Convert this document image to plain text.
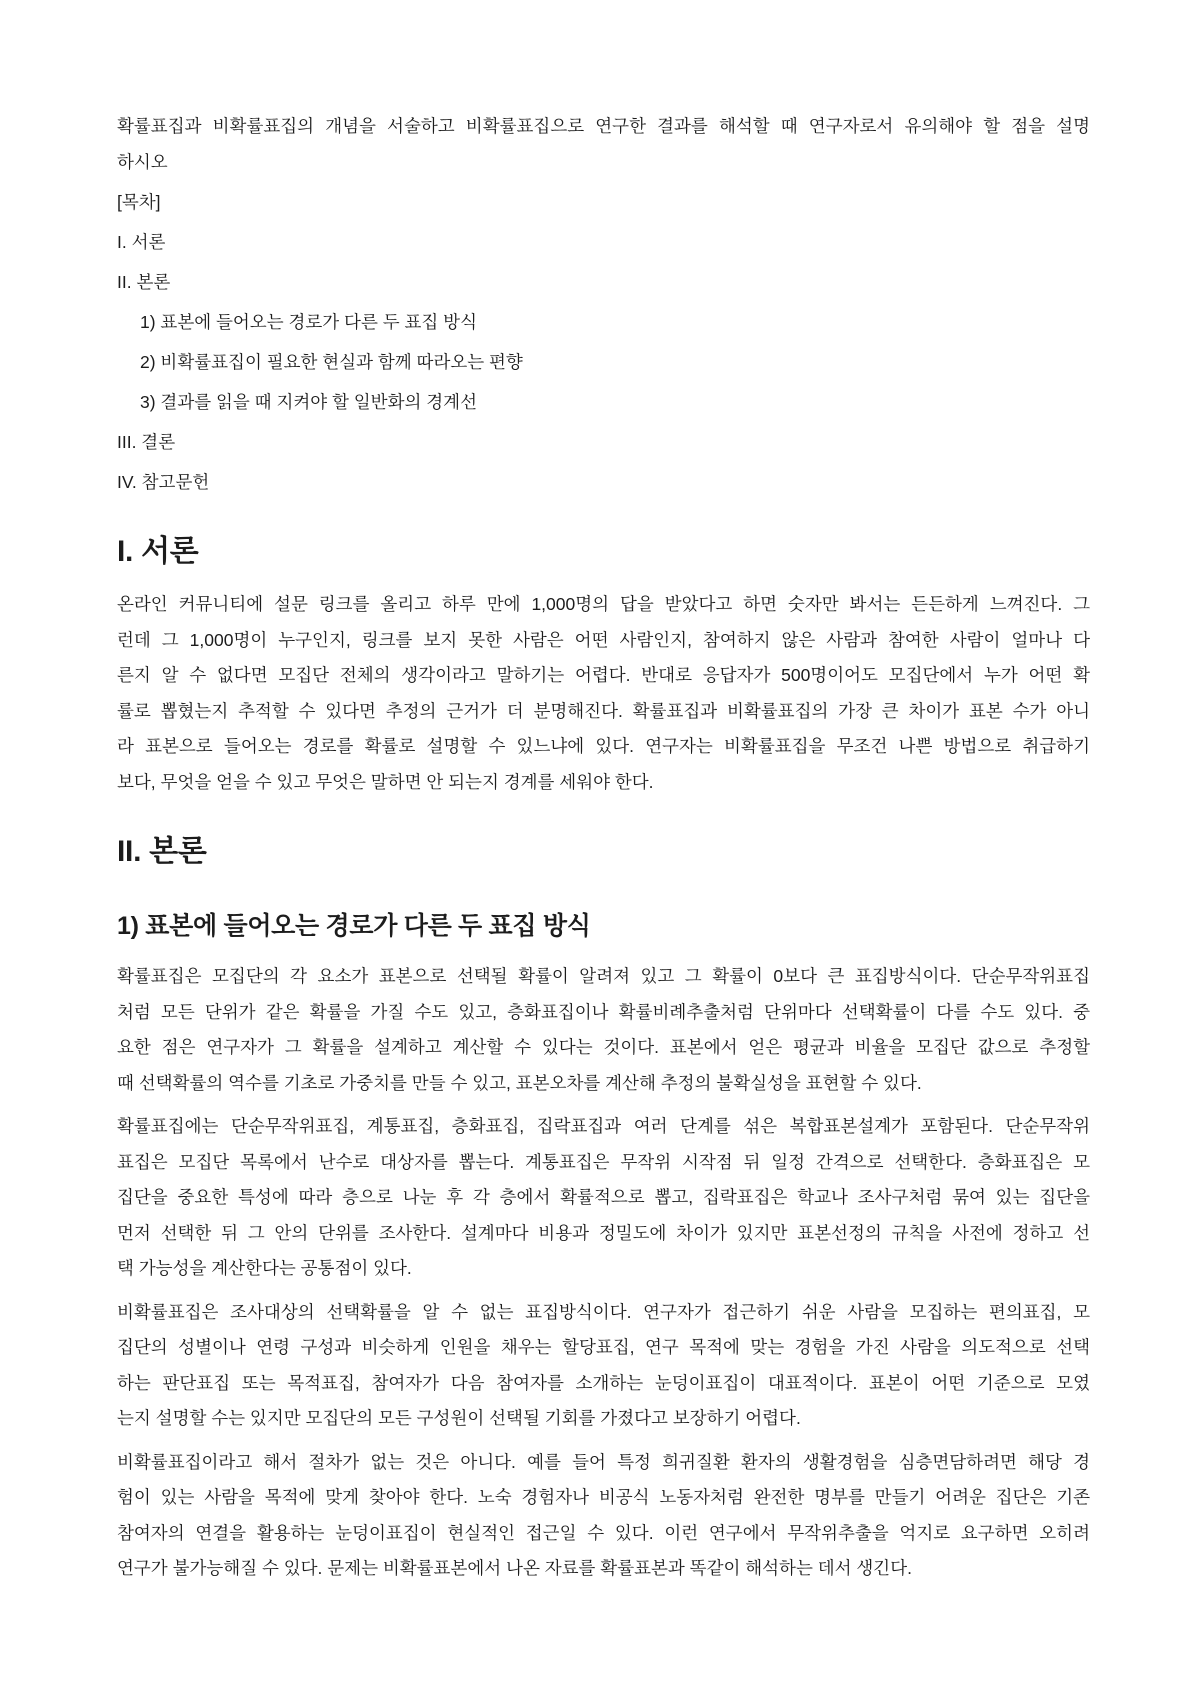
확률표집과 비확률표집의 개념을 서술하고 비확률표집으로 연구한 결과를 해석할 때 연구자로서 유의해야 할 점을 설명
하시오
[목차]
I. 서론
II. 본론
1) 표본에 들어오는 경로가 다른 두 표집 방식
2) 비확률표집이 필요한 현실과 함께 따라오는 편향
3) 결과를 읽을 때 지켜야 할 일반화의 경계선
III. 결론
IV. 참고문헌
I. 서론
온라인 커뮤니티에 설문 링크를 올리고 하루 만에 1,000명의 답을 받았다고 하면 숫자만 봐서는 든든하게 느껴진다. 그
런데 그 1,000명이 누구인지, 링크를 보지 못한 사람은 어떤 사람인지, 참여하지 않은 사람과 참여한 사람이 얼마나 다
른지 알 수 없다면 모집단 전체의 생각이라고 말하기는 어렵다. 반대로 응답자가 500명이어도 모집단에서 누가 어떤 확
률로 뽑혔는지 추적할 수 있다면 추정의 근거가 더 분명해진다. 확률표집과 비확률표집의 가장 큰 차이가 표본 수가 아니
라 표본으로 들어오는 경로를 확률로 설명할 수 있느냐에 있다. 연구자는 비확률표집을 무조건 나쁜 방법으로 취급하기
보다, 무엇을 얻을 수 있고 무엇은 말하면 안 되는지 경계를 세워야 한다.
II. 본론
1) 표본에 들어오는 경로가 다른 두 표집 방식
확률표집은 모집단의 각 요소가 표본으로 선택될 확률이 알려져 있고 그 확률이 0보다 큰 표집방식이다. 단순무작위표집
처럼 모든 단위가 같은 확률을 가질 수도 있고, 층화표집이나 확률비례추출처럼 단위마다 선택확률이 다를 수도 있다. 중
요한 점은 연구자가 그 확률을 설계하고 계산할 수 있다는 것이다. 표본에서 얻은 평균과 비율을 모집단 값으로 추정할
때 선택확률의 역수를 기초로 가중치를 만들 수 있고, 표본오차를 계산해 추정의 불확실성을 표현할 수 있다.
확률표집에는 단순무작위표집, 계통표집, 층화표집, 집락표집과 여러 단계를 섞은 복합표본설계가 포함된다. 단순무작위
표집은 모집단 목록에서 난수로 대상자를 뽑는다. 계통표집은 무작위 시작점 뒤 일정 간격으로 선택한다. 층화표집은 모
집단을 중요한 특성에 따라 층으로 나눈 후 각 층에서 확률적으로 뽑고, 집락표집은 학교나 조사구처럼 묶여 있는 집단을
먼저 선택한 뒤 그 안의 단위를 조사한다. 설계마다 비용과 정밀도에 차이가 있지만 표본선정의 규칙을 사전에 정하고 선
택 가능성을 계산한다는 공통점이 있다.
비확률표집은 조사대상의 선택확률을 알 수 없는 표집방식이다. 연구자가 접근하기 쉬운 사람을 모집하는 편의표집, 모
집단의 성별이나 연령 구성과 비슷하게 인원을 채우는 할당표집, 연구 목적에 맞는 경험을 가진 사람을 의도적으로 선택
하는 판단표집 또는 목적표집, 참여자가 다음 참여자를 소개하는 눈덩이표집이 대표적이다. 표본이 어떤 기준으로 모였
는지 설명할 수는 있지만 모집단의 모든 구성원이 선택될 기회를 가졌다고 보장하기 어렵다.
비확률표집이라고 해서 절차가 없는 것은 아니다. 예를 들어 특정 희귀질환 환자의 생활경험을 심층면담하려면 해당 경
험이 있는 사람을 목적에 맞게 찾아야 한다. 노숙 경험자나 비공식 노동자처럼 완전한 명부를 만들기 어려운 집단은 기존
참여자의 연결을 활용하는 눈덩이표집이 현실적인 접근일 수 있다. 이런 연구에서 무작위추출을 억지로 요구하면 오히려
연구가 불가능해질 수 있다. 문제는 비확률표본에서 나온 자료를 확률표본과 똑같이 해석하는 데서 생긴다.
